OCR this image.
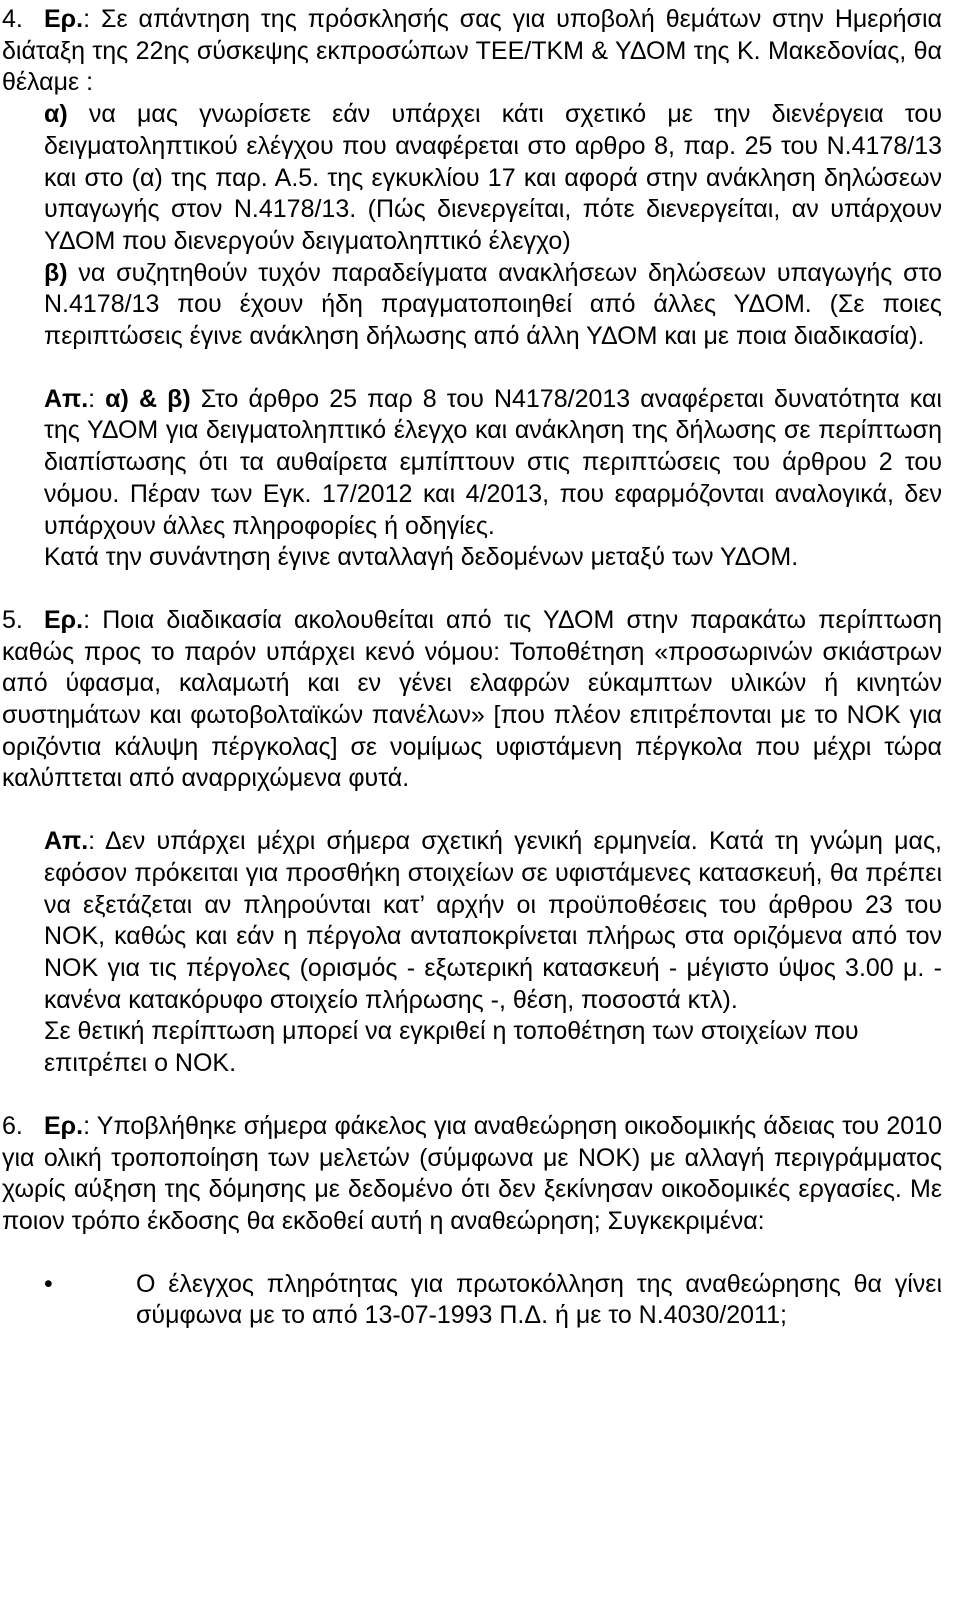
4. Ερ.: Σε απάντηση της πρόσκλησής σας για υποβολή θεμάτων στην Ημερήσια διάταξη της 22ης σύσκεψης εκπροσώπων ΤΕΕ/ΤΚΜ & ΥΔΟΜ της Κ. Μακεδονίας, θα θέλαμε :

α) να μας γνωρίσετε εάν υπάρχει κάτι σχετικό με την διενέργεια του δειγματοληπτικού ελέγχου που αναφέρεται στο αρθρο 8, παρ. 25 του Ν.4178/13 και στο (α) της παρ. Α.5. της εγκυκλίου 17 και αφορά στην ανάκληση δηλώσεων υπαγωγής στον Ν.4178/13. (Πώς διενεργείται, πότε διενεργείται, αν υπάρχουν ΥΔΟΜ που διενεργούν δειγματοληπτικό έλεγχο)

β) να συζητηθούν τυχόν παραδείγματα ανακλήσεων δηλώσεων υπαγωγής στο Ν.4178/13 που έχουν ήδη πραγματοποιηθεί από άλλες ΥΔΟΜ. (Σε ποιες περιπτώσεις έγινε ανάκληση δήλωσης από άλλη ΥΔΟΜ και με ποια διαδικασία).

Απ.: α) & β) Στο άρθρο 25 παρ 8 του Ν4178/2013 αναφέρεται δυνατότητα και της ΥΔΟΜ για δειγματοληπτικό έλεγχο και ανάκληση της δήλωσης σε περίπτωση διαπίστωσης ότι τα αυθαίρετα εμπίπτουν στις περιπτώσεις του άρθρου 2 του νόμου. Πέραν των Εγκ. 17/2012 και 4/2013, που εφαρμόζονται αναλογικά, δεν υπάρχουν άλλες πληροφορίες ή οδηγίες.

Κατά την συνάντηση έγινε ανταλλαγή δεδομένων μεταξύ των ΥΔΟΜ.

5. Ερ.: Ποια διαδικασία ακολουθείται από τις ΥΔΟΜ στην παρακάτω περίπτωση καθώς προς το παρόν υπάρχει κενό νόμου: Τοποθέτηση «προσωρινών σκιάστρων από ύφασμα, καλαμωτή και εν γένει ελαφρών εύκαμπτων υλικών ή κινητών συστημάτων και φωτοβολταϊκών πανέλων» [που πλέον επιτρέπονται με το ΝΟΚ για οριζόντια κάλυψη πέργκολας] σε νομίμως υφιστάμενη πέργκολα που μέχρι τώρα καλύπτεται από αναρριχώμενα φυτά.

Απ.: Δεν υπάρχει μέχρι σήμερα σχετική γενική ερμηνεία. Κατά τη γνώμη μας, εφόσον πρόκειται για προσθήκη στοιχείων σε υφιστάμενες κατασκευή, θα πρέπει να εξετάζεται αν πληρούνται κατ’ αρχήν οι προϋποθέσεις του άρθρου 23 του ΝΟΚ, καθώς και εάν η πέργολα ανταποκρίνεται πλήρως στα οριζόμενα από τον ΝΟΚ για τις πέργολες (ορισμός - εξωτερική κατασκευή - μέγιστο ύψος 3.00 μ. - κανένα κατακόρυφο στοιχείο πλήρωσης -, θέση, ποσοστά κτλ).

Σε θετική περίπτωση μπορεί να εγκριθεί η τοποθέτηση των στοιχείων που επιτρέπει ο ΝΟΚ.

6. Ερ.: Υποβλήθηκε σήμερα φάκελος για αναθεώρηση οικοδομικής άδειας του 2010 για ολική τροποποίηση των μελετών (σύμφωνα με ΝΟΚ) με αλλαγή περιγράμματος χωρίς αύξηση της δόμησης με δεδομένο ότι δεν ξεκίνησαν οικοδομικές εργασίες. Με ποιον τρόπο έκδοσης θα εκδοθεί αυτή η αναθεώρηση; Συγκεκριμένα:

•	Ο έλεγχος πληρότητας για πρωτοκόλληση της αναθεώρησης θα γίνει σύμφωνα με το από 13-07-1993 Π.Δ. ή με το Ν.4030/2011;
